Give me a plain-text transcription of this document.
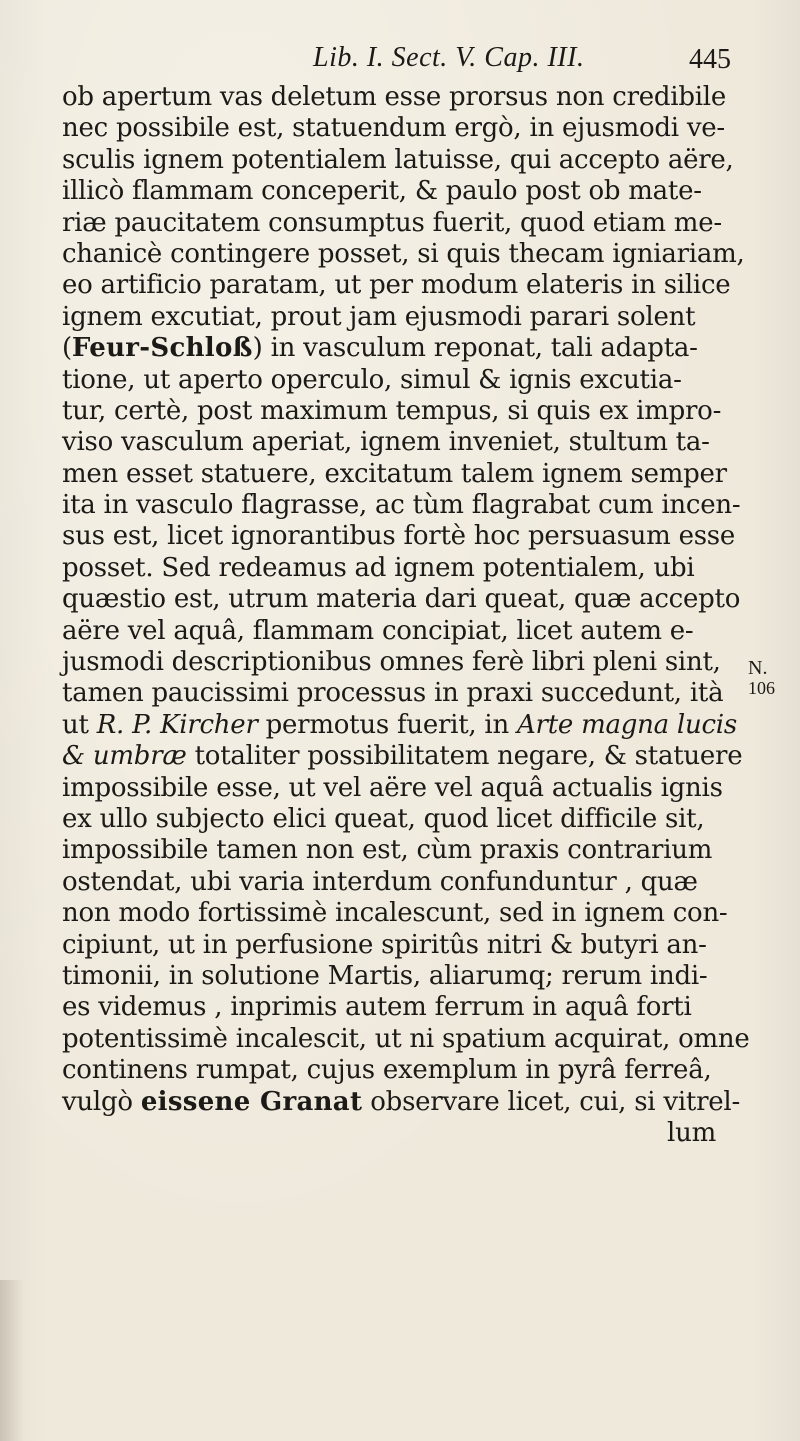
Lib. I. Sect. V. Cap. III.	445
ob apertum vas deletum esse prorsus non credibile
nec possibile est, statuendum ergò, in ejusmodi ve-
sculis ignem potentialem latuisse, qui accepto aëre,
illicò flammam conceperit, & paulo post ob mate-
riæ paucitatem consumptus fuerit, quod etiam me-
chanicè contingere posset, si quis thecam igniariam,
eo artificio paratam, ut per modum elateris in silice
ignem excutiat, prout jam ejusmodi parari solent
(Feur-Schloß) in vasculum reponat, tali adapta-
tione, ut aperto operculo, simul & ignis excutia-
tur, certè, post maximum tempus, si quis ex impro-
viso vasculum aperiat, ignem inveniet, stultum ta-
men esset statuere, excitatum talem ignem semper
ita in vasculo flagrasse, ac tùm flagrabat cum incen-
sus est, licet ignorantibus fortè hoc persuasum esse
posset. Sed redeamus ad ignem potentialem, ubi
quæstio est, utrum materia dari queat, quæ accepto
aëre vel aquâ, flammam concipiat, licet autem e-
jusmodi descriptionibus omnes ferè libri pleni sint,
tamen paucissimi processus in praxi succedunt, ità
ut R. P. Kircher permotus fuerit, in Arte magna lucis
& umbræ totaliter possibilitatem negare, & statuere
impossibile esse, ut vel aëre vel aquâ actualis ignis
ex ullo subjecto elici queat, quod licet difficile sit,
impossibile tamen non est, cùm praxis contrarium
ostendat, ubi varia interdum confunduntur , quæ
non modo fortissimè incalescunt, sed in ignem con-
cipiunt, ut in perfusione spiritûs nitri & butyri an-
timonii, in solutione Martis, aliarumq; rerum indi-
es videmus , inprimis autem ferrum in aquâ forti
potentissimè incalescit, ut ni spatium acquirat, omne
continens rumpat, cujus exemplum in pyrâ ferreâ,
vulgò eissene Granat observare licet, cui, si vitrel-
lum
N.
106
